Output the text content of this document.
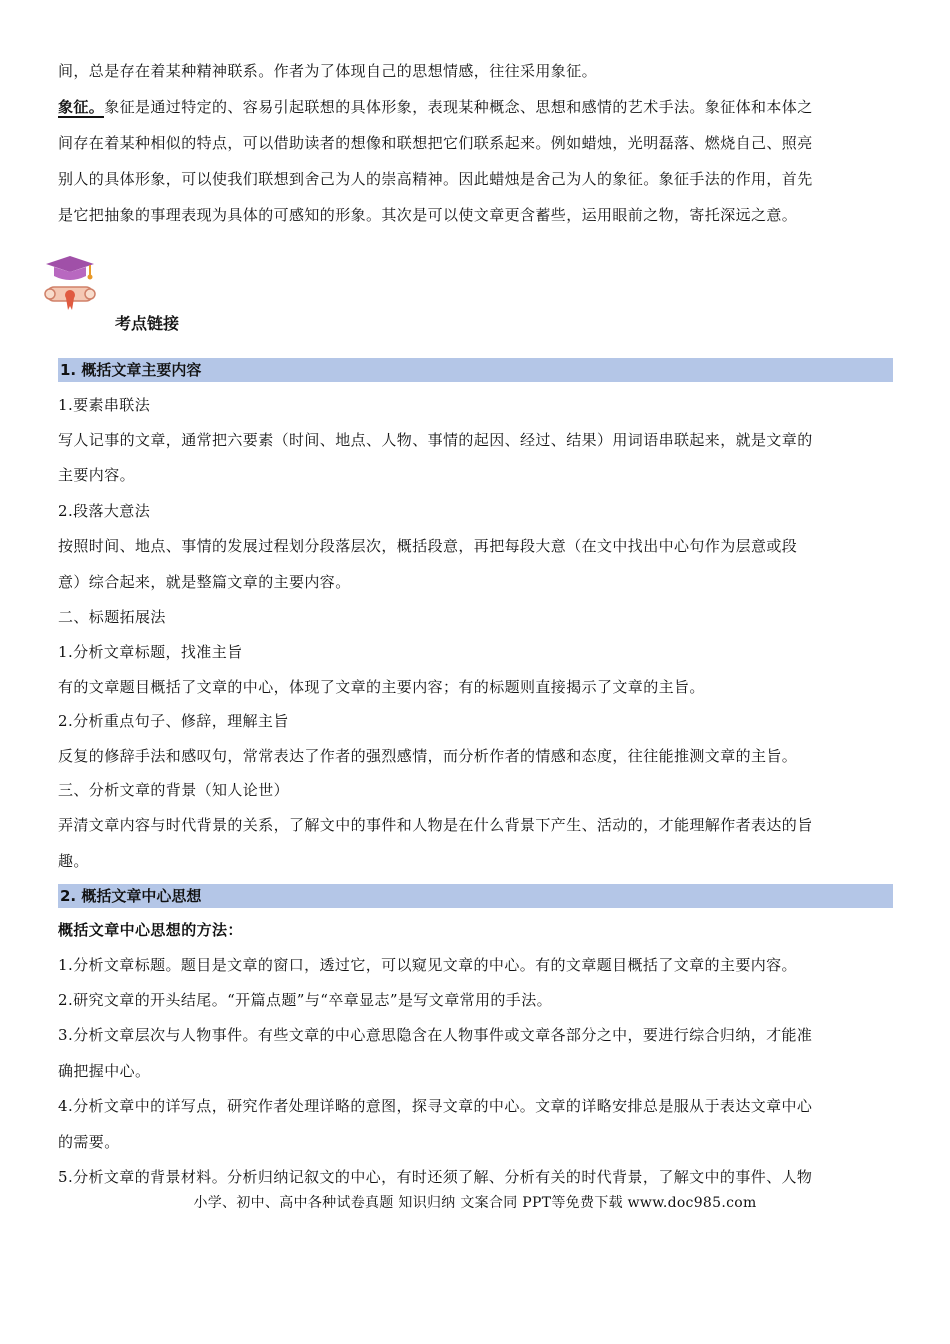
间，总是存在着某种精神联系。作者为了体现自己的思想情感，往往采用象征。
象征。象征是通过特定的、容易引起联想的具体形象，表现某种概念、思想和感情的艺术手法。象征体和本体之
间存在着某种相似的特点，可以借助读者的想像和联想把它们联系起来。例如蜡烛，光明磊落、燃烧自己、照亮
别人的具体形象，可以使我们联想到舍己为人的崇高精神。因此蜡烛是舍己为人的象征。象征手法的作用，首先
是它把抽象的事理表现为具体的可感知的形象。其次是可以使文章更含蓄些，运用眼前之物，寄托深远之意。
1. 概括文章主要内容
1.要素串联法
写人记事的文章，通常把六要素（时间、地点、人物、事情的起因、经过、结果）用词语串联起来，就是文章的
主要内容。
2.段落大意法
按照时间、地点、事情的发展过程划分段落层次，概括段意，再把每段大意（在文中找出中心句作为层意或段
意）综合起来，就是整篇文章的主要内容。
二、标题拓展法
1.分析文章标题，找准主旨
有的文章题目概括了文章的中心，体现了文章的主要内容；有的标题则直接揭示了文章的主旨。
2.分析重点句子、修辞，理解主旨
反复的修辞手法和感叹句，常常表达了作者的强烈感情，而分析作者的情感和态度，往往能推测文章的主旨。
三、分析文章的背景（知人论世）
弄清文章内容与时代背景的关系，了解文中的事件和人物是在什么背景下产生、活动的，才能理解作者表达的旨
趣。
2. 概括文章中心思想
概括文章中心思想的方法：
1.分析文章标题。题目是文章的窗口，透过它，可以窥见文章的中心。有的文章题目概括了文章的主要内容。
2.研究文章的开头结尾。“开篇点题”与“卒章显志”是写文章常用的手法。
3.分析文章层次与人物事件。有些文章的中心意思隐含在人物事件或文章各部分之中，要进行综合归纳，才能准
确把握中心。
4.分析文章中的详写点，研究作者处理详略的意图，探寻文章的中心。文章的详略安排总是服从于表达文章中心
的需要。
5.分析文章的背景材料。分析归纳记叙文的中心，有时还须了解、分析有关的时代背景，了解文中的事件、人物
考点链接
小学、初中、高中各种试卷真题 知识归纳 文案合同 PPT等免费下载 www.doc985.com
